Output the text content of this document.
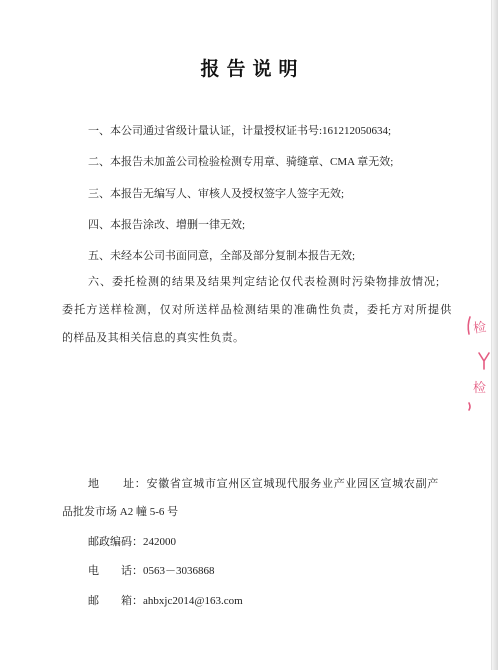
报告说明
一、本公司通过省级计量认证，计量授权证书号:161212050634;
二、本报告未加盖公司检验检测专用章、骑缝章、CMA 章无效;
三、本报告无编写人、审核人及授权签字人签字无效;
四、本报告涂改、增删一律无效;
五、未经本公司书面同意，全部及部分复制本报告无效;
六、委托检测的结果及结果判定结论仅代表检测时污染物排放情况;
委托方送样检测，仅对所送样品检测结果的准确性负责，委托方对所提供
的样品及其相关信息的真实性负责。
地　　址：安徽省宣城市宣州区宣城现代服务业产业园区宣城农副产
品批发市场 A2 幢 5-6 号
邮政编码：242000
电　　话：0563－3036868
邮　　箱：ahbxjc2014@163.com
检
检
